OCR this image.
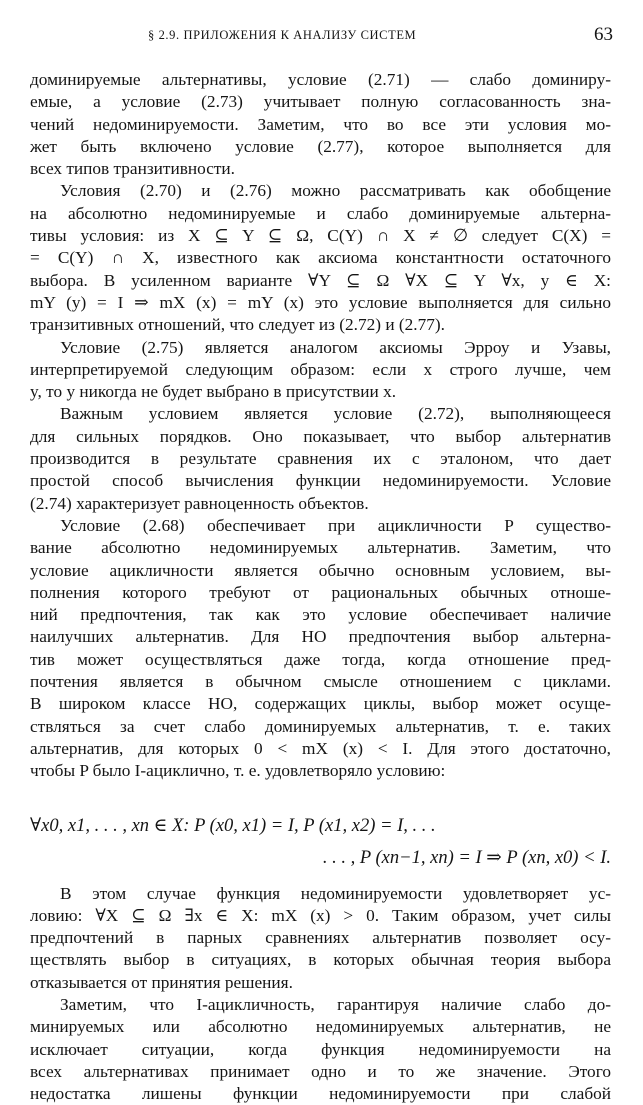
§ 2.9. ПРИЛОЖЕНИЯ К АНАЛИЗУ СИСТЕМ	63
доминируемые альтернативы, условие (2.71) — слабо доминиру-
емые, а условие (2.73) учитывает полную согласованность зна-
чений недоминируемости. Заметим, что во все эти условия мо-
жет быть включено условие (2.77), которое выполняется для
всех типов транзитивности.
Условия (2.70) и (2.76) можно рассматривать как обобщение
на абсолютно недоминируемые и слабо доминируемые альтерна-
тивы условия: из X ⊆ Y ⊆ Ω, C(Y) ∩ X ≠ ∅ следует C(X) =
= C(Y) ∩ X, известного как аксиома константности остаточного
выбора. В усиленном варианте ∀Y ⊆ Ω ∀X ⊆ Y ∀x, y ∈ X:
mY (y) = I ⇒ mX (x) = mY (x) это условие выполняется для сильно
транзитивных отношений, что следует из (2.72) и (2.77).
Условие (2.75) является аналогом аксиомы Эрроу и Узавы,
интерпретируемой следующим образом: если x строго лучше, чем
y, то y никогда не будет выбрано в присутствии x.
Важным условием является условие (2.72), выполняющееся
для сильных порядков. Оно показывает, что выбор альтернатив
производится в результате сравнения их с эталоном, что дает
простой способ вычисления функции недоминируемости. Условие
(2.74) характеризует равноценность объектов.
Условие (2.68) обеспечивает при ацикличности P существо-
вание абсолютно недоминируемых альтернатив. Заметим, что
условие ацикличности является обычно основным условием, вы-
полнения которого требуют от рациональных обычных отноше-
ний предпочтения, так как это условие обеспечивает наличие
наилучших альтернатив. Для НО предпочтения выбор альтерна-
тив может осуществляться даже тогда, когда отношение пред-
почтения является в обычном смысле отношением с циклами.
В широком классе НО, содержащих циклы, выбор может осуще-
ствляться за счет слабо доминируемых альтернатив, т. е. таких
альтернатив, для которых 0 < mX (x) < I. Для этого достаточно,
чтобы P было I-ациклично, т. е. удовлетворяло условию:
∀x0, x1, . . . , xn ∈ X: P (x0, x1) = I, P (x1, x2) = I, . . .
. . . , P (xn−1, xn) = I ⇒ P (xn, x0) < I.
В этом случае функция недоминируемости удовлетворяет ус-
ловию: ∀X ⊆ Ω ∃x ∈ X: mX (x) > 0. Таким образом, учет силы
предпочтений в парных сравнениях альтернатив позволяет осу-
ществлять выбор в ситуациях, в которых обычная теория выбора
отказывается от принятия решения.
Заметим, что I-ацикличность, гарантируя наличие слабо до-
минируемых или абсолютно недоминируемых альтернатив, не
исключает ситуации, когда функция недоминируемости на
всех альтернативах принимает одно и то же значение. Этого
недостатка лишены функции недоминируемости при слабой
